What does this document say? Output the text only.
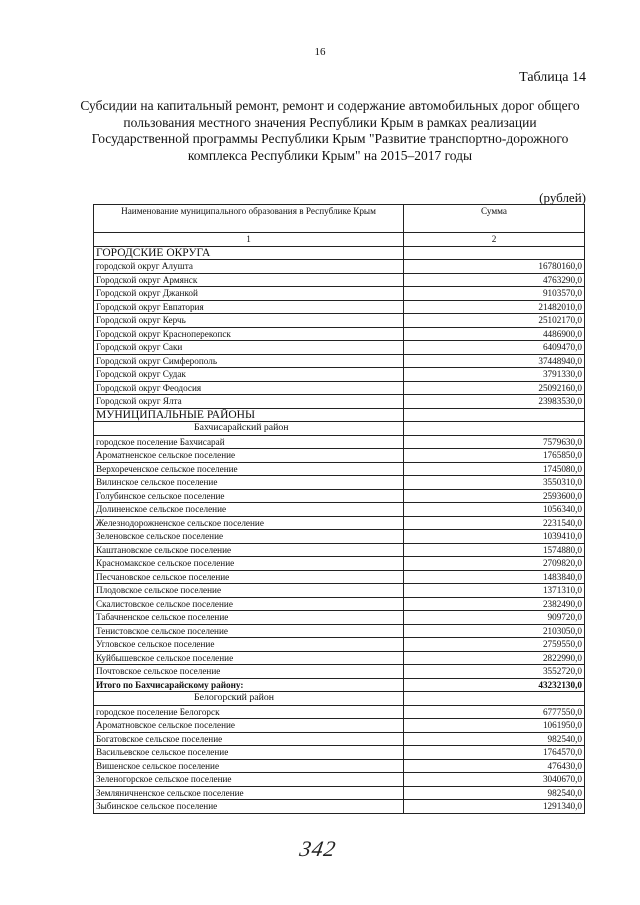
16
Таблица 14
Субсидии на капитальный ремонт, ремонт и содержание автомобильных дорог общего пользования местного значения Республики Крым в рамках реализации Государственной программы Республики Крым "Развитие транспортно-дорожного комплекса Республики Крым" на 2015–2017 годы
(рублей)
Наименование муниципального образования в Республике Крым	Сумма
1	2
ГОРОДСКИЕ ОКРУГА	
городской округ Алушта	16780160,0
Городской округ Армянск	4763290,0
Городской округ Джанкой	9103570,0
Городской округ Евпатория	21482010,0
Городской округ Керчь	25102170,0
Городской округ Красноперекопск	4486900,0
Городской округ Саки	6409470,0
Городской округ Симферополь	37448940,0
Городской округ Судак	3791330,0
Городской округ Феодосия	25092160,0
Городской округ Ялта	23983530,0
МУНИЦИПАЛЬНЫЕ РАЙОНЫ	
Бахчисарайский район	
городское поселение Бахчисарай	7579630,0
Ароматненское сельское поселение	1765850,0
Верхореченское сельское поселение	1745080,0
Вилинское сельское поселение	3550310,0
Голубинское сельское поселение	2593600,0
Долиненское сельское поселение	1056340,0
Железнодорожненское сельское поселение	2231540,0
Зеленовское сельское поселение	1039410,0
Каштановское сельское поселение	1574880,0
Красномакское сельское поселение	2709820,0
Песчановское сельское поселение	1483840,0
Плодовское сельское поселение	1371310,0
Скалистовское сельское поселение	2382490,0
Табачненское сельское поселение	909720,0
Тенистовское сельское поселение	2103050,0
Угловское сельское поселение	2759550,0
Куйбышевское сельское поселение	2822990,0
Почтовское сельское поселение	3552720,0
Итого по Бахчисарайскому району:	43232130,0
Белогорский район	
городское поселение Белогорск	6777550,0
Ароматновское сельское поселение	1061950,0
Богатовское сельское поселение	982540,0
Васильевское сельское поселение	1764570,0
Вишенское сельское поселение	476430,0
Зеленогорское сельское поселение	3040670,0
Земляничненское сельское поселение	982540,0
Зыбинское сельское поселение	1291340,0
342
